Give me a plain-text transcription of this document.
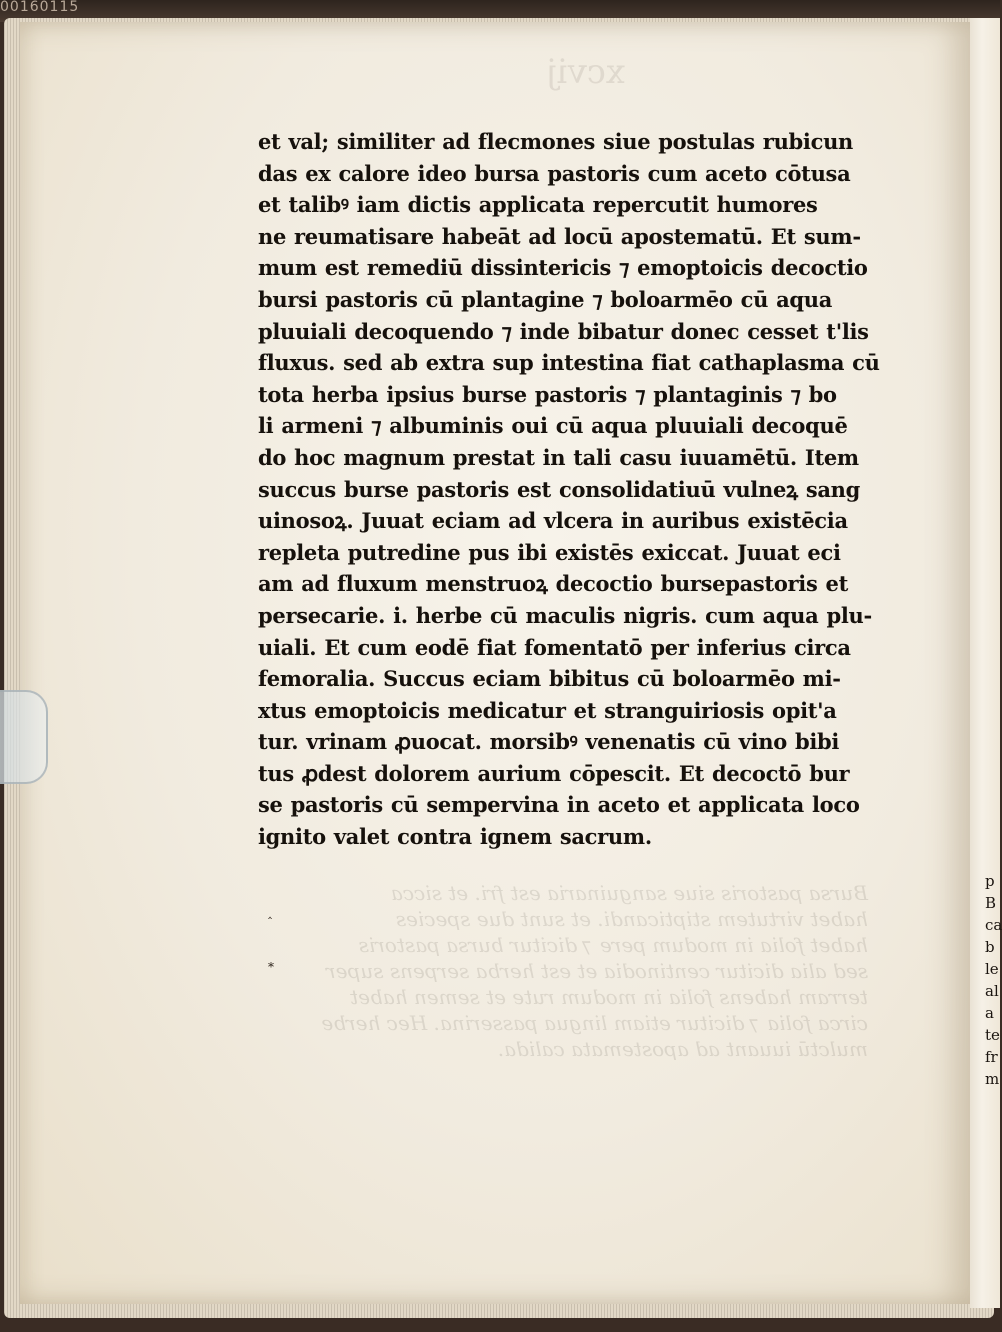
00160115
xcvij
Bursa pastoris siue sanguinaria est fri. et sicca
habet virtutem stipticandi. et sunt due species
habet folia in modum pere ⁊ dicitur bursa pastoris
sed alia dicitur centinodia et est herba serpens super
terram habens folia in modum rute et semen habet
circa folia ⁊ dicitur etiam lingua passerina. Hec herbe
mulctū iuuant ad apostemata calida.
p
B
ca
b
le
al
a
te
fr
m
et val; similiter ad flecmones siue postulas rubicun
das ex calore ideo bursa pastoris cum aceto cōtusa
et talibꝰ iam dictis applicata repercutit humores
ne reumatisare habeāt ad locū apostematū. Et sum-
mum est remediū dissintericis ⁊ emoptoicis decoctio
bursi pastoris cū plantagine ⁊ boloarmēo cū aqua
pluuiali decoquendo ⁊ inde bibatur donec cesset t'lis
fluxus. sed ab extra sup intestina fiat cathaplasma cū
tota herba ipsius burse pastoris ⁊ plantaginis ⁊ bo
li armeni ⁊ albuminis oui cū aqua pluuiali decoquē
do hoc magnum prestat in tali casu iuuamētū. Item
succus burse pastoris est consolidatiuū vulneꝝ sang
uinosoꝝ. Juuat eciam ad vlcera in auribus existēcia
repleta putredine pus ibi existēs exiccat. Juuat eci
am ad fluxum menstruoꝝ decoctio bursepastoris et
persecarie. i. herbe cū maculis nigris. cum aqua plu-
uiali. Et cum eodē fiat fomentatō per inferius circa
femoralia. Succus eciam bibitus cū boloarmēo mi-
xtus emoptoicis medicatur et stranguiriosis opit'a
tur. vrinam ꝓuocat. morsibꝰ venenatis cū vino bibi
tus ꝓdest dolorem aurium cōpescit. Et decoctō bur
se pastoris cū sempervina in aceto et applicata loco
ignito valet contra ignem sacrum.
‸
*
